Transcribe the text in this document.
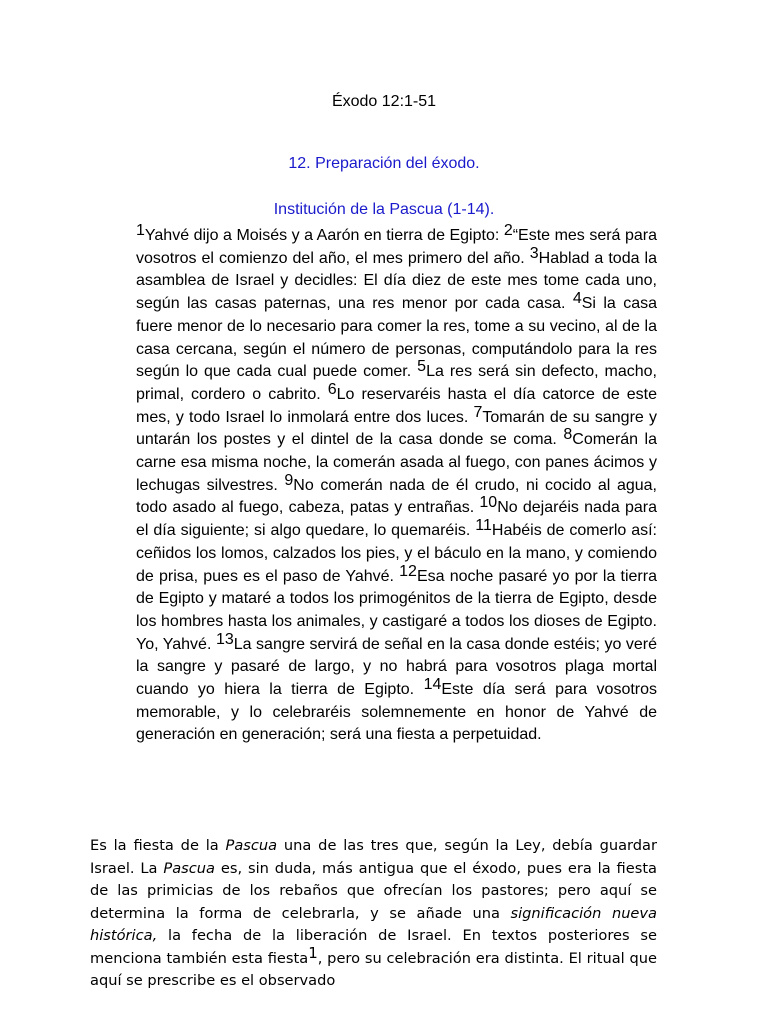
Éxodo 12:1-51
12. Preparación del éxodo.
Institución de la Pascua (1-14).
1Yahvé dijo a Moisés y a Aarón en tierra de Egipto: 2“Este mes será para vosotros el comienzo del año, el mes primero del año. 3Hablad a toda la asamblea de Israel y decidles: El día diez de este mes tome cada uno, según las casas paternas, una res menor por cada casa. 4Si la casa fuere menor de lo necesario para comer la res, tome a su vecino, al de la casa cercana, según el número de personas, computándolo para la res según lo que cada cual puede comer. 5La res será sin defecto, macho, primal, cordero o cabrito. 6Lo reservaréis hasta el día catorce de este mes, y todo Israel lo inmolará entre dos luces. 7Tomarán de su sangre y untarán los postes y el dintel de la casa donde se coma. 8Comerán la carne esa misma noche, la comerán asada al fuego, con panes ácimos y lechugas silvestres. 9No comerán nada de él crudo, ni cocido al agua, todo asado al fuego, cabeza, patas y entrañas. 10No dejaréis nada para el día siguiente; si algo quedare, lo quemaréis. 11Habéis de comerlo así: ceñidos los lomos, calzados los pies, y el báculo en la mano, y comiendo de prisa, pues es el paso de Yahvé. 12Esa noche pasaré yo por la tierra de Egipto y mataré a todos los primogénitos de la tierra de Egipto, desde los hombres hasta los animales, y castigaré a todos los dioses de Egipto. Yo, Yahvé. 13La sangre servirá de señal en la casa donde estéis; yo veré la sangre y pasaré de largo, y no habrá para vosotros plaga mortal cuando yo hiera la tierra de Egipto. 14Este día será para vosotros memorable, y lo celebraréis solemnemente en honor de Yahvé de generación en generación; será una fiesta a perpetuidad.
Es la fiesta de la Pascua una de las tres que, según la Ley, debía guardar Israel. La Pascua es, sin duda, más antigua que el éxodo, pues era la fiesta de las primicias de los rebaños que ofrecían los pastores; pero aquí se determina la forma de celebrarla, y se añade una significación nueva histórica, la fecha de la liberación de Israel. En textos posteriores se menciona también esta fiesta1, pero su celebración era distinta. El ritual que aquí se prescribe es el observado
